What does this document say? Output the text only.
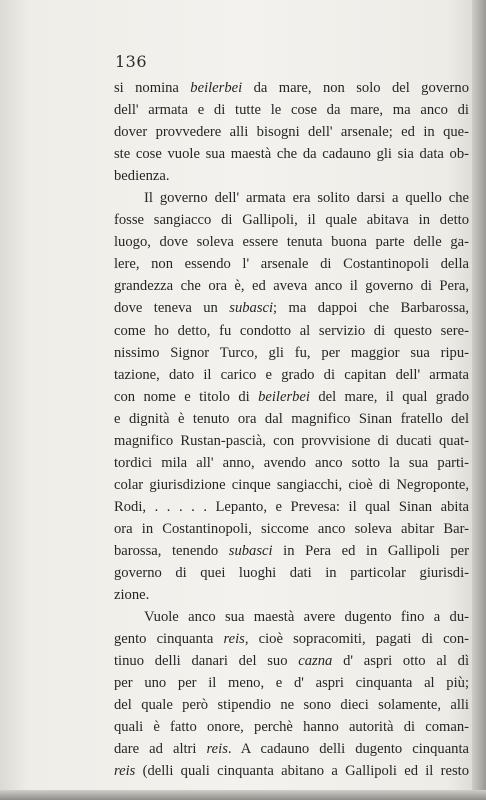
136
si nomina beilerbei da mare, non solo del governo
dell' armata e di tutte le cose da mare, ma anco di
dover provvedere alli bisogni dell' arsenale; ed in que-
ste cose vuole sua maestà che da cadauno gli sia data ob-
bedienza.
Il governo dell' armata era solito darsi a quello che
fosse sangiacco di Gallipoli, il quale abitava in detto
luogo, dove soleva essere tenuta buona parte delle ga-
lere, non essendo l' arsenale di Costantinopoli della
grandezza che ora è, ed aveva anco il governo di Pera,
dove teneva un subasci; ma dappoi che Barbarossa,
come ho detto, fu condotto al servizio di questo sere-
nissimo Signor Turco, gli fu, per maggior sua ripu-
tazione, dato il carico e grado di capitan dell' armata
con nome e titolo di beilerbei del mare, il qual grado
e dignità è tenuto ora dal magnifico Sinan fratello del
magnifico Rustan-pascià, con provvisione di ducati quat-
tordici mila all' anno, avendo anco sotto la sua parti-
colar giurisdizione cinque sangiacchi, cioè di Negroponte,
Rodi, . . . . . Lepanto, e Prevesa: il qual Sinan abita
ora in Costantinopoli, siccome anco soleva abitar Bar-
barossa, tenendo subasci in Pera ed in Gallipoli per
governo di quei luoghi dati in particolar giurisdi-
zione.
Vuole anco sua maestà avere dugento fino a du-
gento cinquanta reis, cioè sopracomiti, pagati di con-
tinuo delli danari del suo cazna d' aspri otto al dì
per uno per il meno, e d' aspri cinquanta al più;
del quale però stipendio ne sono dieci solamente, alli
quali è fatto onore, perchè hanno autorità di coman-
dare ad altri reis. A cadauno delli dugento cinquanta
reis (delli quali cinquanta abitano a Gallipoli ed il resto
